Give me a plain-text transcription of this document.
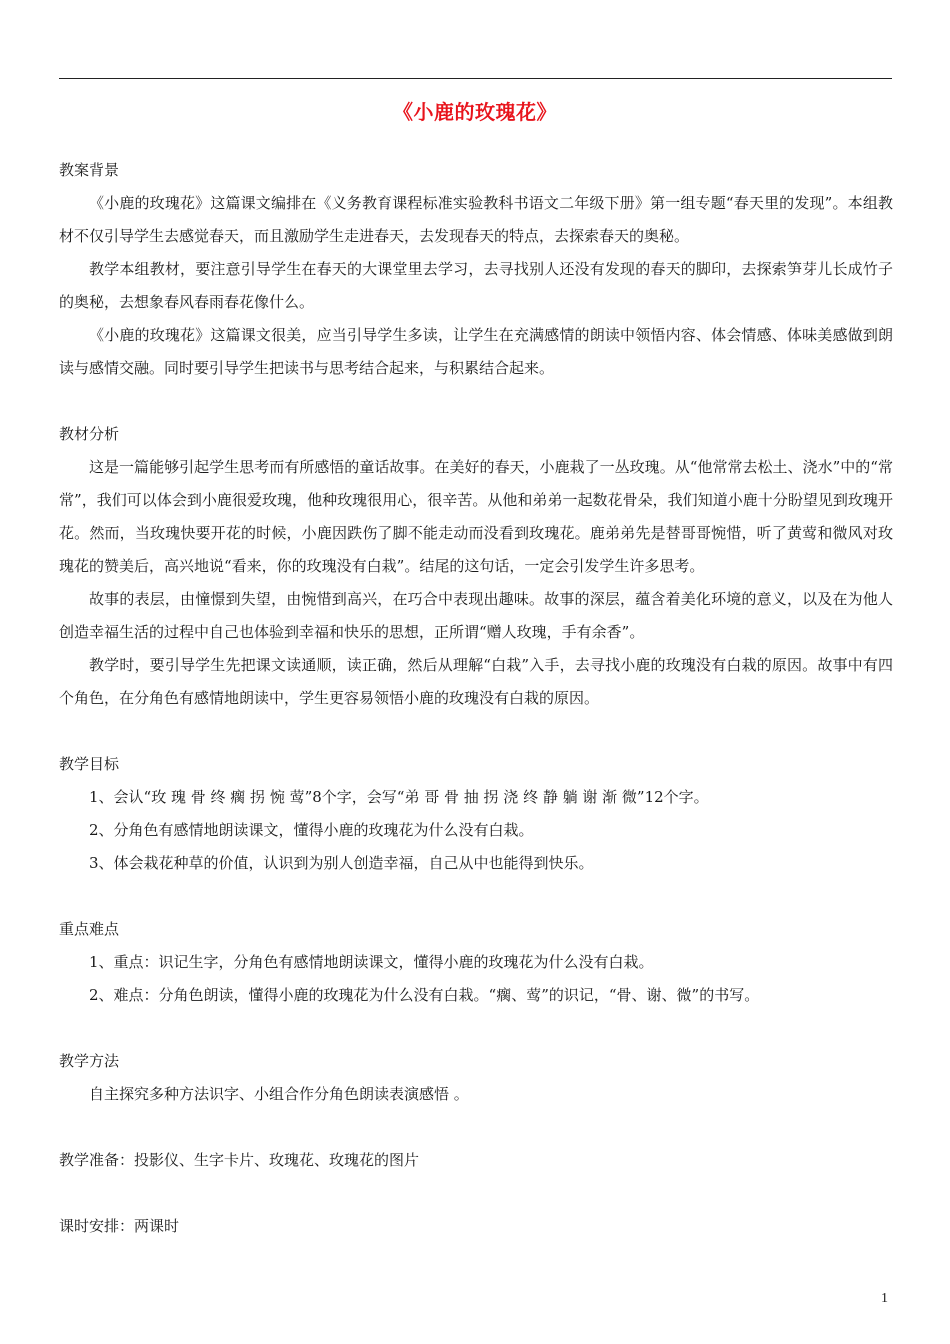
《小鹿的玫瑰花》
教案背景
《小鹿的玫瑰花》这篇课文编排在《义务教育课程标准实验教科书语文二年级下册》第一组专题“春天里的发现”。本组教材不仅引导学生去感觉春天，而且激励学生走进春天，去发现春天的特点，去探索春天的奥秘。
教学本组教材，要注意引导学生在春天的大课堂里去学习，去寻找别人还没有发现的春天的脚印，去探索笋芽儿长成竹子的奥秘，去想象春风春雨春花像什么。
《小鹿的玫瑰花》这篇课文很美，应当引导学生多读，让学生在充满感情的朗读中领悟内容、体会情感、体味美感做到朗读与感情交融。同时要引导学生把读书与思考结合起来，与积累结合起来。
教材分析
这是一篇能够引起学生思考而有所感悟的童话故事。在美好的春天，小鹿栽了一丛玫瑰。从“他常常去松土、浇水”中的“常常”，我们可以体会到小鹿很爱玫瑰，他种玫瑰很用心，很辛苦。从他和弟弟一起数花骨朵，我们知道小鹿十分盼望见到玫瑰开花。然而，当玫瑰快要开花的时候，小鹿因跌伤了脚不能走动而没看到玫瑰花。鹿弟弟先是替哥哥惋惜，听了黄莺和微风对玫瑰花的赞美后，高兴地说“看来，你的玫瑰没有白栽”。结尾的这句话，一定会引发学生许多思考。
故事的表层，由憧憬到失望，由惋惜到高兴，在巧合中表现出趣味。故事的深层，蕴含着美化环境的意义，以及在为他人创造幸福生活的过程中自己也体验到幸福和快乐的思想，正所谓“赠人玫瑰，手有余香”。
教学时，要引导学生先把课文读通顺，读正确，然后从理解“白栽”入手，去寻找小鹿的玫瑰没有白栽的原因。故事中有四个角色，在分角色有感情地朗读中，学生更容易领悟小鹿的玫瑰没有白栽的原因。
教学目标
1、会认“玫 瑰 骨 终 瘸 拐 惋 莺”8个字，会写“弟 哥 骨 抽 拐 浇 终 静 躺 谢 渐 微”12个字。
2、分角色有感情地朗读课文，懂得小鹿的玫瑰花为什么没有白栽。
3、体会栽花种草的价值，认识到为别人创造幸福，自己从中也能得到快乐。
重点难点
1、重点：识记生字，分角色有感情地朗读课文，懂得小鹿的玫瑰花为什么没有白栽。
2、难点：分角色朗读，懂得小鹿的玫瑰花为什么没有白栽。“瘸、莺”的识记，“骨、谢、微”的书写。
教学方法
自主探究多种方法识字、小组合作分角色朗读表演感悟 。
教学准备：投影仪、生字卡片、玫瑰花、玫瑰花的图片
课时安排：两课时
1
